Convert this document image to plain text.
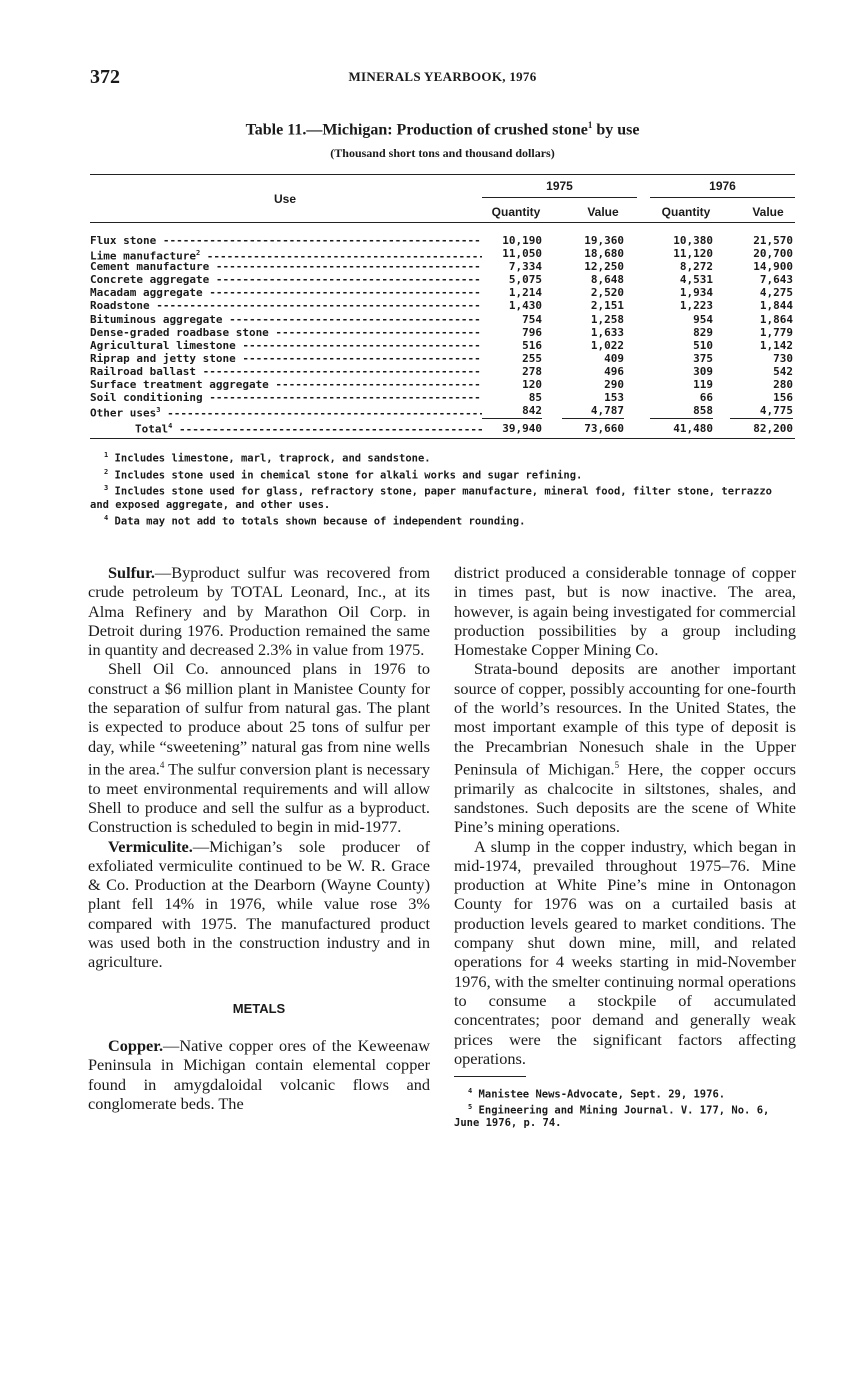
372	MINERALS YEARBOOK, 1976
Table 11.—Michigan: Production of crushed stone$^1$ by use
(Thousand short tons and thousand dollars)
Use
1975	1976
Quantity	Value	Quantity	Value
Flux stone -----	10,190	19,360	10,380	21,570
Lime manufacture$^2$ -----	11,050	18,680	11,120	20,700
Cement manufacture -----	7,334	12,250	8,272	14,900
Concrete aggregate -----	5,075	8,648	4,531	7,643
Macadam aggregate -----	1,214	2,520	1,934	4,275
Roadstone -----	1,430	2,151	1,223	1,844
Bituminous aggregate -----	754	1,258	954	1,864
Dense-graded roadbase stone -----	796	1,633	829	1,779
Agricultural limestone -----	516	1,022	510	1,142
Riprap and jetty stone -----	255	409	375	730
Railroad ballast -----	278	496	309	542
Surface treatment aggregate -----	120	290	119	280
Soil conditioning -----	85	153	66	156
Other uses$^3$ -----	842	4,787	858	4,775
Total$^4$ -----	39,940	73,660	41,480	82,200

$^1$ Includes limestone, marl, traprock, and sandstone.

$^2$ Includes stone used in chemical stone for alkali works and sugar refining.

$^3$ Includes stone used for glass, refractory stone, paper manufacture, mineral food, filter stone, terrazzo and exposed aggregate, and other uses.

$^4$ Data may not add to totals shown because of independent rounding.

Sulfur.—Byproduct sulfur was recovered from crude petroleum by TOTAL Leonard, Inc., at its Alma Refinery and by Marathon Oil Corp. in Detroit during 1976. Production remained the same in quantity and decreased 2.3% in value from 1975.

Shell Oil Co. announced plans in 1976 to construct a $6 million plant in Manistee County for the separation of sulfur from natural gas. The plant is expected to produce about 25 tons of sulfur per day, while “sweetening” natural gas from nine wells in the area.$^4$ The sulfur conversion plant is necessary to meet environmental requirements and will allow Shell to produce and sell the sulfur as a byproduct. Construction is scheduled to begin in mid-1977.

Vermiculite.—Michigan’s sole producer of exfoliated vermiculite continued to be W. R. Grace & Co. Production at the Dearborn (Wayne County) plant fell 14% in 1976, while value rose 3% compared with 1975. The manufactured product was used both in the construction industry and in agriculture.

METALS

Copper.—Native copper ores of the Keweenaw Peninsula in Michigan contain elemental copper found in amygdaloidal volcanic flows and conglomerate beds. The

district produced a considerable tonnage of copper in times past, but is now inactive. The area, however, is again being investigated for commercial production possibilities by a group including Homestake Copper Mining Co.

Strata-bound deposits are another important source of copper, possibly accounting for one-fourth of the world’s resources. In the United States, the most important example of this type of deposit is the Precambrian Nonesuch shale in the Upper Peninsula of Michigan.$^5$ Here, the copper occurs primarily as chalcocite in siltstones, shales, and sandstones. Such deposits are the scene of White Pine’s mining operations.

A slump in the copper industry, which began in mid-1974, prevailed throughout 1975–76. Mine production at White Pine’s mine in Ontonagon County for 1976 was on a curtailed basis at production levels geared to market conditions. The company shut down mine, mill, and related operations for 4 weeks starting in mid-November 1976, with the smelter continuing normal operations to consume a stockpile of accumulated concentrates; poor demand and generally weak prices were the significant factors affecting operations.

$^4$ Manistee News-Advocate, Sept. 29, 1976.

$^5$ Engineering and Mining Journal. V. 177, No. 6, June 1976, p. 74.
